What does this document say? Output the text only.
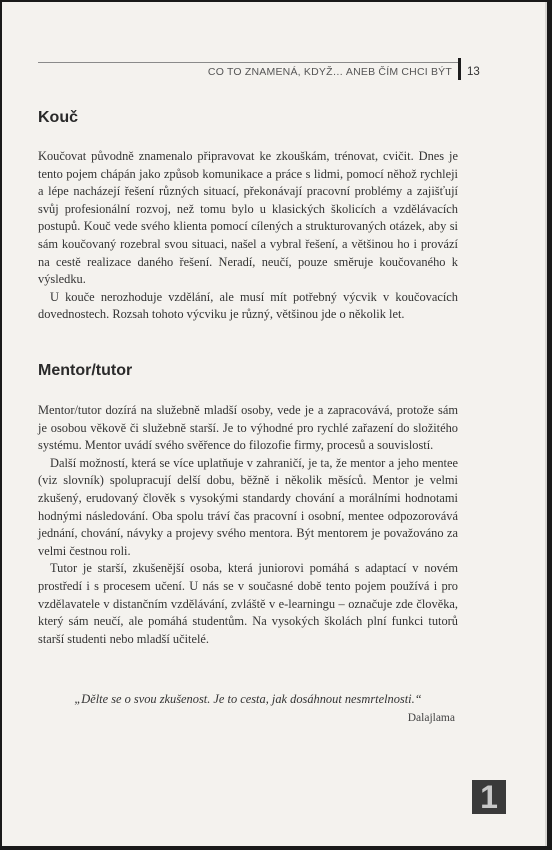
CO TO ZNAMENÁ, KDYŽ… ANEB ČÍM CHCI BÝT 13
Kouč

Koučovat původně znamenalo připravovat ke zkouškám, trénovat, cvičit. Dnes je tento pojem chápán jako způsob komunikace a práce s lidmi, pomocí něhož rychleji a lépe nacházejí řešení různých situací, překonávají pracovní problémy a zajišťují svůj profesionální rozvoj, než tomu bylo u klasických školicích a vzdělávacích postupů. Kouč vede svého klienta pomocí cílených a strukturovaných otázek, aby si sám koučovaný rozebral svou situaci, našel a vybral řešení, a většinou ho i provází na cestě realizace daného řešení. Neradí, neučí, pouze směruje koučovaného k výsledku.

U kouče nerozhoduje vzdělání, ale musí mít potřebný výcvik v koučovacích dovednostech. Rozsah tohoto výcviku je různý, většinou jde o několik let.

Mentor/tutor

Mentor/tutor dozírá na služebně mladší osoby, vede je a zapracovává, protože sám je osobou věkově či služebně starší. Je to výhodné pro rychlé zařazení do složitého systému. Mentor uvádí svého svěřence do filozofie firmy, procesů a souvislostí.

Další možností, která se více uplatňuje v zahraničí, je ta, že mentor a jeho mentee (viz slovník) spolupracují delší dobu, běžně i několik měsíců. Mentor je velmi zkušený, erudovaný člověk s vysokými standardy chování a morálními hodnotami hodnými následování. Oba spolu tráví čas pracovní i osobní, mentee odpozorovává jednání, chování, návyky a projevy svého mentora. Být mentorem je považováno za velmi čestnou roli.

Tutor je starší, zkušenější osoba, která juniorovi pomáhá s adaptací v novém prostředí i s procesem učení. U nás se v současné době tento pojem používá i pro vzdělavatele v distančním vzdělávání, zvláště v e-learningu – označuje zde člověka, který sám neučí, ale pomáhá studentům. Na vysokých školách plní funkci tutorů starší studenti nebo mladší učitelé.

„Dělte se o svou zkušenost. Je to cesta, jak dosáhnout nesmrtelnosti.“
Dalajlama
1
